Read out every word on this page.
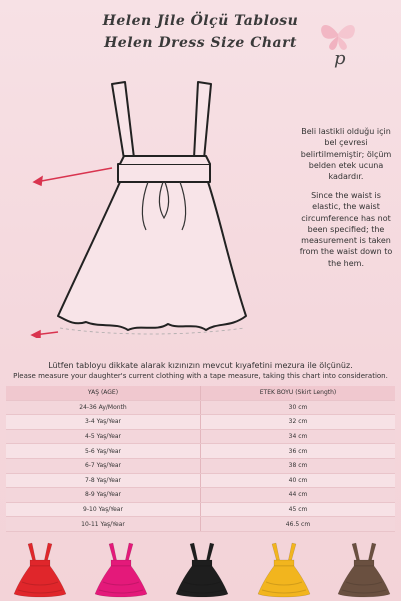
Helen Jile Ölçü Tablosu
Helen Dress Size Chart
p
Beli lastikli olduğu için bel çevresi belirtilmemiştir; ölçüm belden etek ucuna kadardır.
Since the waist is elastic, the waist circumference has not been specified; the measurement is taken from the waist down to the hem.
Lütfen tabloyu dikkate alarak kızınızın mevcut kıyafetini mezura ile ölçünüz.
Please measure your daughter's current clothing with a tape measure, taking this chart into consideration.
YAŞ (AGE)	ETEK BOYU (Skirt Length)
24-36 Ay/Month	30 cm
3-4 Yaş/Year	32 cm
4-5 Yaş/Year	34 cm
5-6 Yaş/Year	36 cm
6-7 Yaş/Year	38 cm
7-8 Yaş/Year	40 cm
8-9 Yaş/Year	44 cm
9-10 Yaş/Year	45 cm
10-11 Yaş/Year	46.5 cm
